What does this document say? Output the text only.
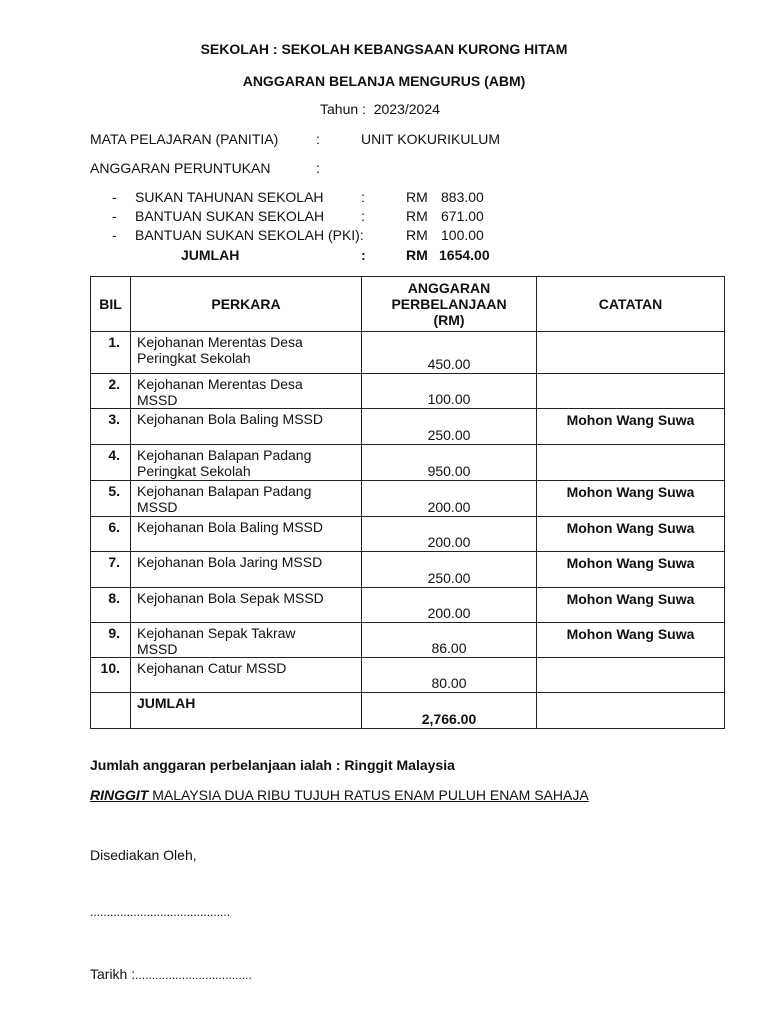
SEKOLAH : SEKOLAH KEBANGSAAN KURONG HITAM
ANGGARAN BELANJA MENGURUS (ABM)
Tahun : 2023/2024
MATA PELAJARAN (PANITIA)	:	UNIT KOKURIKULUM
ANGGARAN PERUNTUKAN	:
- SUKAN TAHUNAN SEKOLAH	:	RM 883.00
- BANTUAN SUKAN SEKOLAH	:	RM 671.00
- BANTUAN SUKAN SEKOLAH (PKI):	RM 100.00
JUMLAH	:	RM 1654.00
BIL	PERKARA	ANGGARAN
PERBELANJAAN
(RM)	CATATAN
1.	Kejohanan Merentas Desa
Peringkat Sekolah	450.00	
2.	Kejohanan Merentas Desa
MSSD	100.00	
3.	Kejohanan Bola Baling MSSD	250.00	Mohon Wang Suwa
4.	Kejohanan Balapan Padang
Peringkat Sekolah	950.00	
5.	Kejohanan Balapan Padang
MSSD	200.00	Mohon Wang Suwa
6.	Kejohanan Bola Baling MSSD	200.00	Mohon Wang Suwa
7.	Kejohanan Bola Jaring MSSD	250.00	Mohon Wang Suwa
8.	Kejohanan Bola Sepak MSSD	200.00	Mohon Wang Suwa
9.	Kejohanan Sepak Takraw
MSSD	86.00	Mohon Wang Suwa
10.	Kejohanan Catur MSSD	80.00	
	JUMLAH	2,766.00	
Jumlah anggaran perbelanjaan ialah : Ringgit Malaysia
RINGGIT MALAYSIA DUA RIBU TUJUH RATUS ENAM PULUH ENAM SAHAJA
Disediakan Oleh,
..........................................
Tarikh :...................................
